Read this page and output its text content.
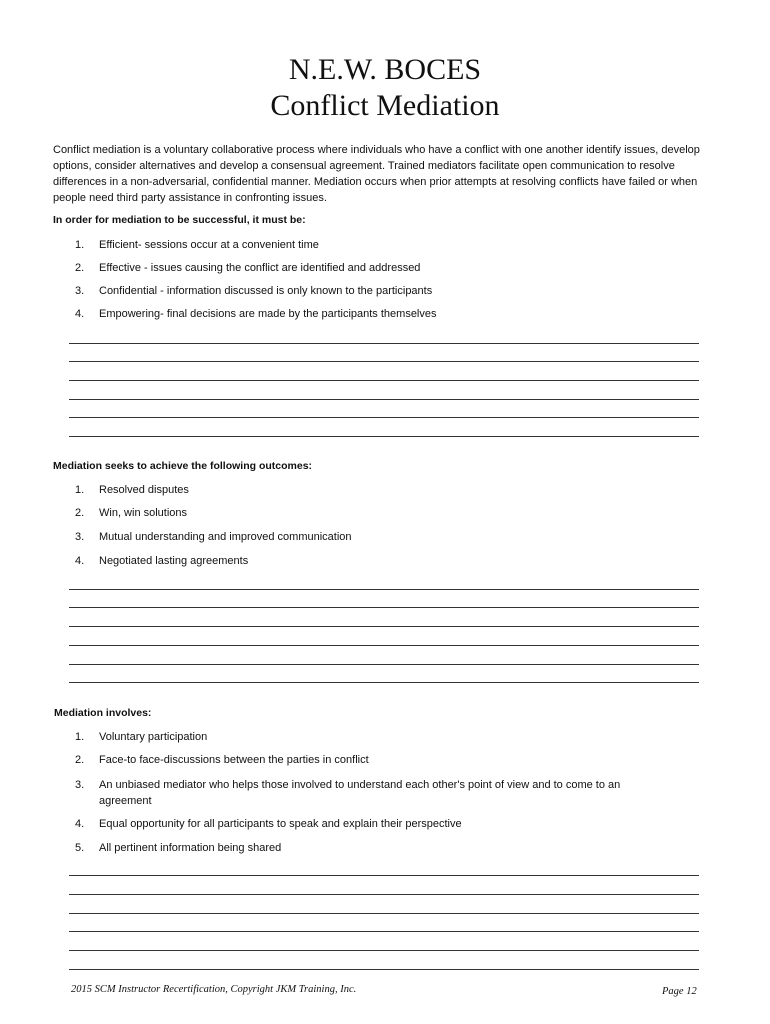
N.E.W. BOCES
Conflict Mediation

Conflict mediation is a voluntary collaborative process where individuals who have a conflict with one another identify issues, develop options, consider alternatives and develop a consensual agreement. Trained mediators facilitate open communication to resolve differences in a non-adversarial, confidential manner. Mediation occurs when prior attempts at resolving conflicts have failed or when people need third party assistance in confronting issues.

In order for mediation to be successful, it must be:

1. Efficient- sessions occur at a convenient time
2. Effective - issues causing the conflict are identified and addressed
3. Confidential - information discussed is only known to the participants
4. Empowering- final decisions are made by the participants themselves

Mediation seeks to achieve the following outcomes:

1. Resolved disputes
2. Win, win solutions
3. Mutual understanding and improved communication
4. Negotiated lasting agreements

Mediation involves:

1. Voluntary participation
2. Face-to face-discussions between the parties in conflict
3. An unbiased mediator who helps those involved to understand each other's point of view and to come to an agreement
4. Equal opportunity for all participants to speak and explain their perspective
5. All pertinent information being shared
2015 SCM Instructor Recertification, Copyright JKM Training, Inc.	Page 12
